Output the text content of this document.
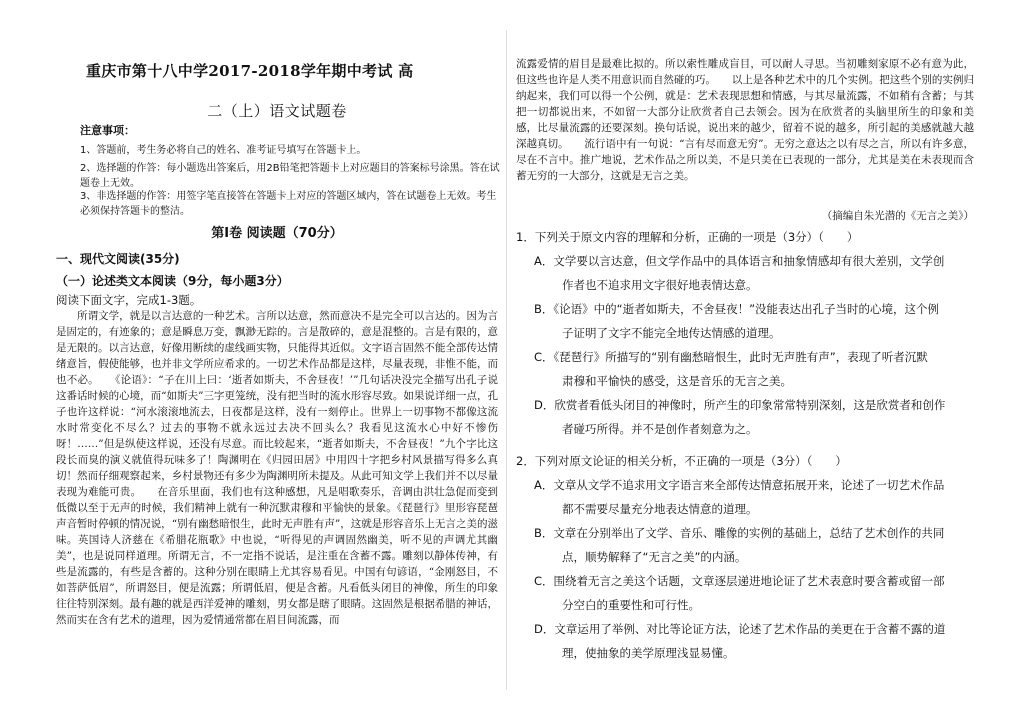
重庆市第十八中学2017-2018学年期中考试 高
二（上）语文试题卷
注意事项：
1、答题前，考生务必将自己的姓名、准考证号填写在答题卡上。
2、选择题的作答：每小题选出答案后，用2B铅笔把答题卡上对应题目的答案标号涂黑。答在试题卷上无效。
3、非选择题的作答：用签字笔直接答在答题卡上对应的答题区域内，答在试题卷上无效。考生必须保持答题卡的整洁。
第Ⅰ卷 阅读题（70分）
一、现代文阅读(35分)
（一）论述类文本阅读（9分，每小题3分）
阅读下面文字，完成1-3题。
　　所谓文学，就是以言达意的一种艺术。言所以达意，然而意决不是完全可以言达的。因为言是固定的，有迹象的；意是瞬息万变，飘渺无踪的。言是散碎的，意是混整的。言是有限的，意是无限的。以言达意，好像用断续的虚线画实物，只能得其近似。文字语言固然不能全部传达情绪意旨，假使能够，也并非文学所应希求的。一切艺术作品都是这样，尽量表现，非惟不能，而也不必。　　《论语》：“子在川上曰：‘逝者如斯夫，不舍昼夜！’”几句话决没完全描写出孔子说这番话时候的心境，而“如斯夫”三字更笼统，没有把当时的流水形容尽致。如果说详细一点，孔子也许这样说：“河水滚滚地流去，日夜都是这样，没有一刻停止。世界上一切事物不都像这流水时常变化不尽么？过去的事物不就永远过去决不回头么？我看见这流水心中好不惨伤呀！……”但是纵使这样说，还没有尽意。而比较起来，“逝者如斯夫，不舍昼夜！”九个字比这段长而臭的演义就值得玩味多了！陶渊明在《归园田居》中用四十字把乡村风景描写得多么真切！然而仔细观察起来，乡村景物还有多少为陶渊明所未提及。从此可知文学上我们并不以尽量表现为难能可贵。　　在音乐里面，我们也有这种感想，凡是唱歌奏乐，音调由洪壮急促而变到低微以至于无声的时候，我们精神上就有一种沉默肃穆和平愉快的景象。《琵琶行》里形容琵琶声音暂时停顿的情况说，“别有幽愁暗恨生，此时无声胜有声”，这就是形容音乐上无言之美的滋味。英国诗人济慈在《希腊花瓶歌》中也说，“听得见的声调固然幽美，听不见的声调尤其幽美”，也是说同样道理。所谓无言，不一定指不说话，是注重在含蓄不露。雕刻以静体传神，有些是流露的，有些是含蓄的。这种分别在眼睛上尤其容易看见。中国有句谚语，“金刚怒目，不如菩萨低眉”，所谓怒目，便是流露；所谓低眉，便是含蓄。凡看低头闭目的神像，所生的印象往往特别深刻。最有趣的就是西洋爱神的雕刻，男女都是瞎了眼睛。这固然是根据希腊的神话，然而实在含有艺术的道理，因为爱情通常都在眉目间流露，而
流露爱情的眉目是最难比拟的。所以索性雕成盲目，可以耐人寻思。当初雕刻家原不必有意为此，但这些也许是人类不用意识而自然碰的巧。　　以上是各种艺术中的几个实例。把这些个别的实例归纳起来，我们可以得一个公例，就是：艺术表现思想和情感，与其尽量流露，不如稍有含蓄；与其把一切都说出来，不如留一大部分让欣赏者自己去领会。因为在欣赏者的头脑里所生的印象和美感，比尽量流露的还要深刻。换句话说，说出来的越少，留着不说的越多，所引起的美感就越大越深越真切。　　流行语中有一句说：“言有尽而意无穷”。无穷之意达之以有尽之言，所以有许多意，尽在不言中。推广地说，艺术作品之所以美，不是只美在已表现的一部分，尤其是美在未表现而含蓄无穷的一大部分，这就是无言之美。
（摘编自朱光潜的《无言之美》）
1．下列关于原文内容的理解和分析，正确的一项是（3分）（　　）
A．文学要以言达意，但文学作品中的具体语言和抽象情感却有很大差别，文学创
作者也不追求用文字很好地表情达意。
B．《论语》中的“逝者如斯夫，不舍昼夜！”没能表达出孔子当时的心境，这个例
子证明了文字不能完全地传达情感的道理。
C．《琵琶行》所描写的“别有幽愁暗恨生，此时无声胜有声”，表现了听者沉默
肃穆和平愉快的感受，这是音乐的无言之美。
D．欣赏者看低头闭目的神像时，所产生的印象常常特别深刻，这是欣赏者和创作
者碰巧所得。并不是创作者刻意为之。
2．下列对原文论证的相关分析，不正确的一项是（3分）（　　）
A．文章从文学不追求用文字语言来全部传达情意拓展开来，论述了一切艺术作品
都不需要尽量充分地表达情意的道理。
B．文章在分别举出了文学、音乐、雕像的实例的基础上，总结了艺术创作的共同
点，顺势解释了“无言之美”的内涵。
C．围绕着无言之美这个话题，文章逐层递进地论证了艺术表意时要含蓄或留一部
分空白的重要性和可行性。
D．文章运用了举例、对比等论证方法，论述了艺术作品的美更在于含蓄不露的道
理，使抽象的美学原理浅显易懂。
